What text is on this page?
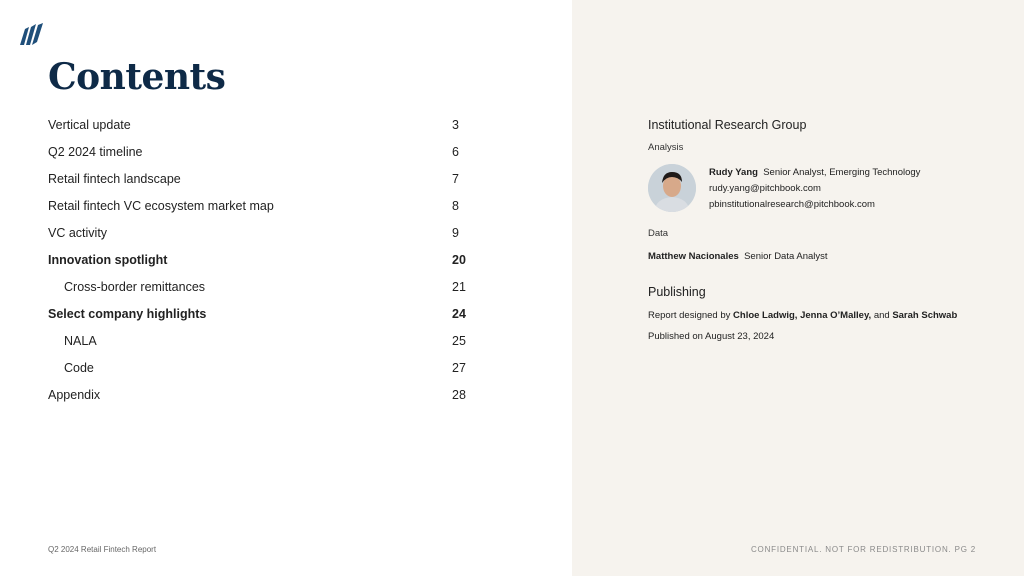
Contents
Vertical update	3
Q2 2024 timeline	6
Retail fintech landscape	7
Retail fintech VC ecosystem market map	8
VC activity	9
Innovation spotlight	20
Cross-border remittances	21
Select company highlights	24
NALA	25
Code	27
Appendix	28
Q2 2024 Retail Fintech Report
Institutional Research Group
Analysis
Rudy Yang Senior Analyst, Emerging Technology
rudy.yang@pitchbook.com
pbinstitutionalresearch@pitchbook.com
Data
Matthew Nacionales Senior Data Analyst
Publishing
Report designed by Chloe Ladwig, Jenna O’Malley, and Sarah Schwab
Published on August 23, 2024
CONFIDENTIAL. NOT FOR REDISTRIBUTION. PG 2
